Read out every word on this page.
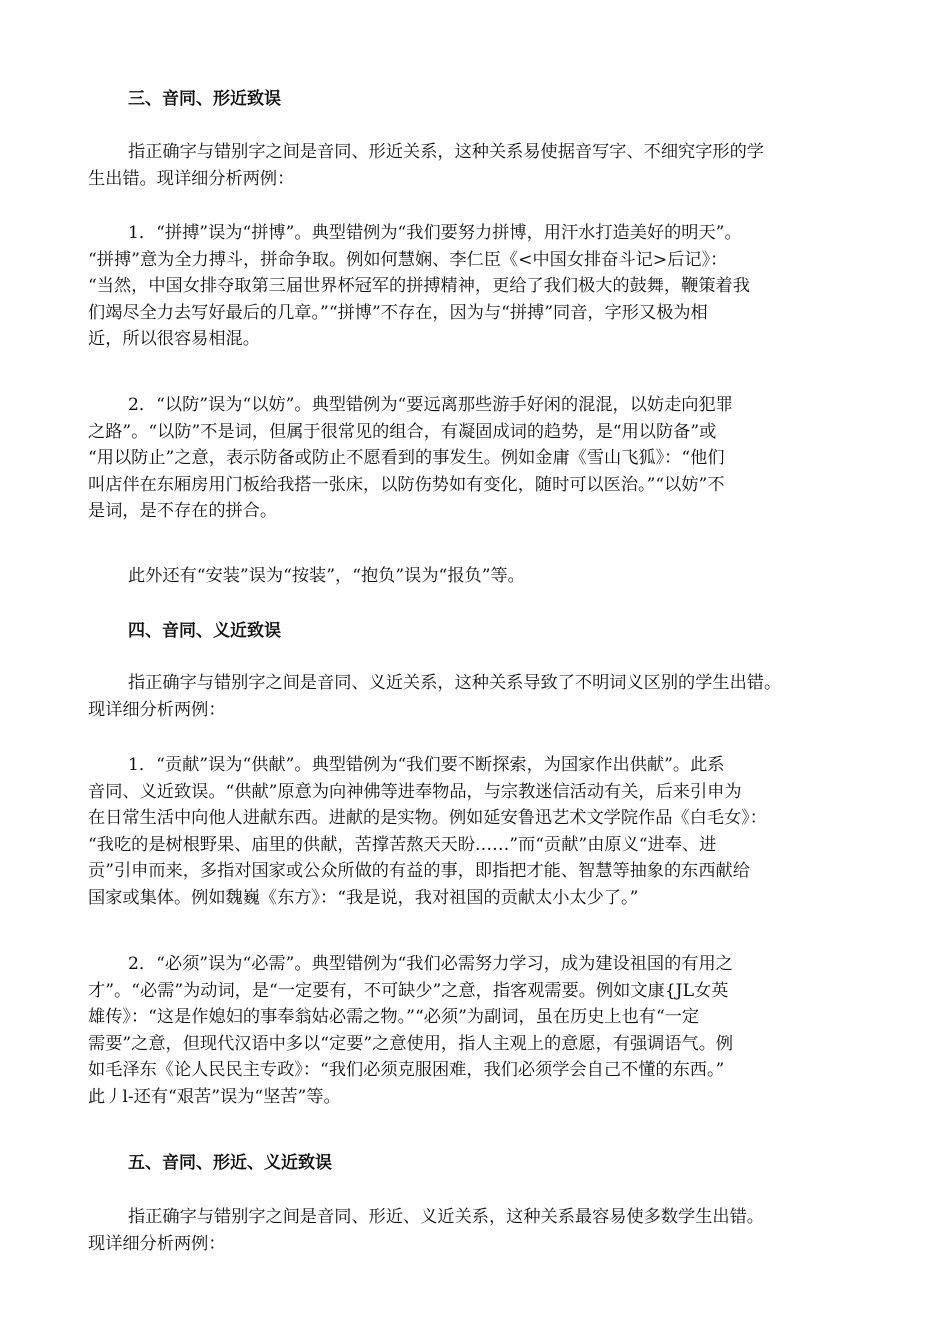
三、音同、形近致误
指正确字与错别字之间是音同、形近关系，这种关系易使据音写字、不细究字形的学
生出错。现详细分析两例：
1．“拼搏”误为“拼博”。典型错例为“我们要努力拼博，用汗水打造美好的明天”。
“拼搏”意为全力搏斗，拼命争取。例如何慧娴、李仁臣《<中国女排奋斗记>后记》：
“当然，中国女排夺取第三届世界杯冠军的拼搏精神，更给了我们极大的鼓舞，鞭策着我
们竭尽全力去写好最后的几章。”“拼博”不存在，因为与“拼搏”同音，字形又极为相
近，所以很容易相混。
2．“以防”误为“以妨”。典型错例为“要远离那些游手好闲的混混，以妨走向犯罪
之路”。“以防”不是词，但属于很常见的组合，有凝固成词的趋势，是“用以防备”或
“用以防止”之意，表示防备或防止不愿看到的事发生。例如金庸《雪山飞狐》：“他们
叫店伴在东厢房用门板给我搭一张床，以防伤势如有变化，随时可以医治。”“以妨”不
是词，是不存在的拼合。
此外还有“安装”误为“按装”，“抱负”误为“报负”等。
四、音同、义近致误
指正确字与错别字之间是音同、义近关系，这种关系导致了不明词义区别的学生出错。
现详细分析两例：
1．“贡献”误为“供献”。典型错例为“我们要不断探索，为国家作出供献”。此系
音同、义近致误。“供献”原意为向神佛等进奉物品，与宗教迷信活动有关，后来引申为
在日常生活中向他人进献东西。进献的是实物。例如延安鲁迅艺术文学院作品《白毛女》：
“我吃的是树根野果、庙里的供献，苦撑苦熬天天盼……”而“贡献”由原义“进奉、进
贡”引申而来，多指对国家或公众所做的有益的事，即指把才能、智慧等抽象的东西献给
国家或集体。例如魏巍《东方》：“我是说，我对祖国的贡献太小太少了。”
2．“必须”误为“必需”。典型错例为“我们必需努力学习，成为建设祖国的有用之
才”。“必需”为动词，是“一定要有，不可缺少”之意，指客观需要。例如文康{JL女英
雄传》：“这是作媳妇的事奉翁姑必需之物。”“必须”为副词，虽在历史上也有“一定
需要”之意，但现代汉语中多以“定要”之意使用，指人主观上的意愿，有强调语气。例
如毛泽东《论人民民主专政》：“我们必须克服困难，我们必须学会自己不懂的东西。”
此丿l-还有“艰苦”误为“坚苦”等。
五、音同、形近、义近致误
指正确字与错别字之间是音同、形近、义近关系，这种关系最容易使多数学生出错。
现详细分析两例：
